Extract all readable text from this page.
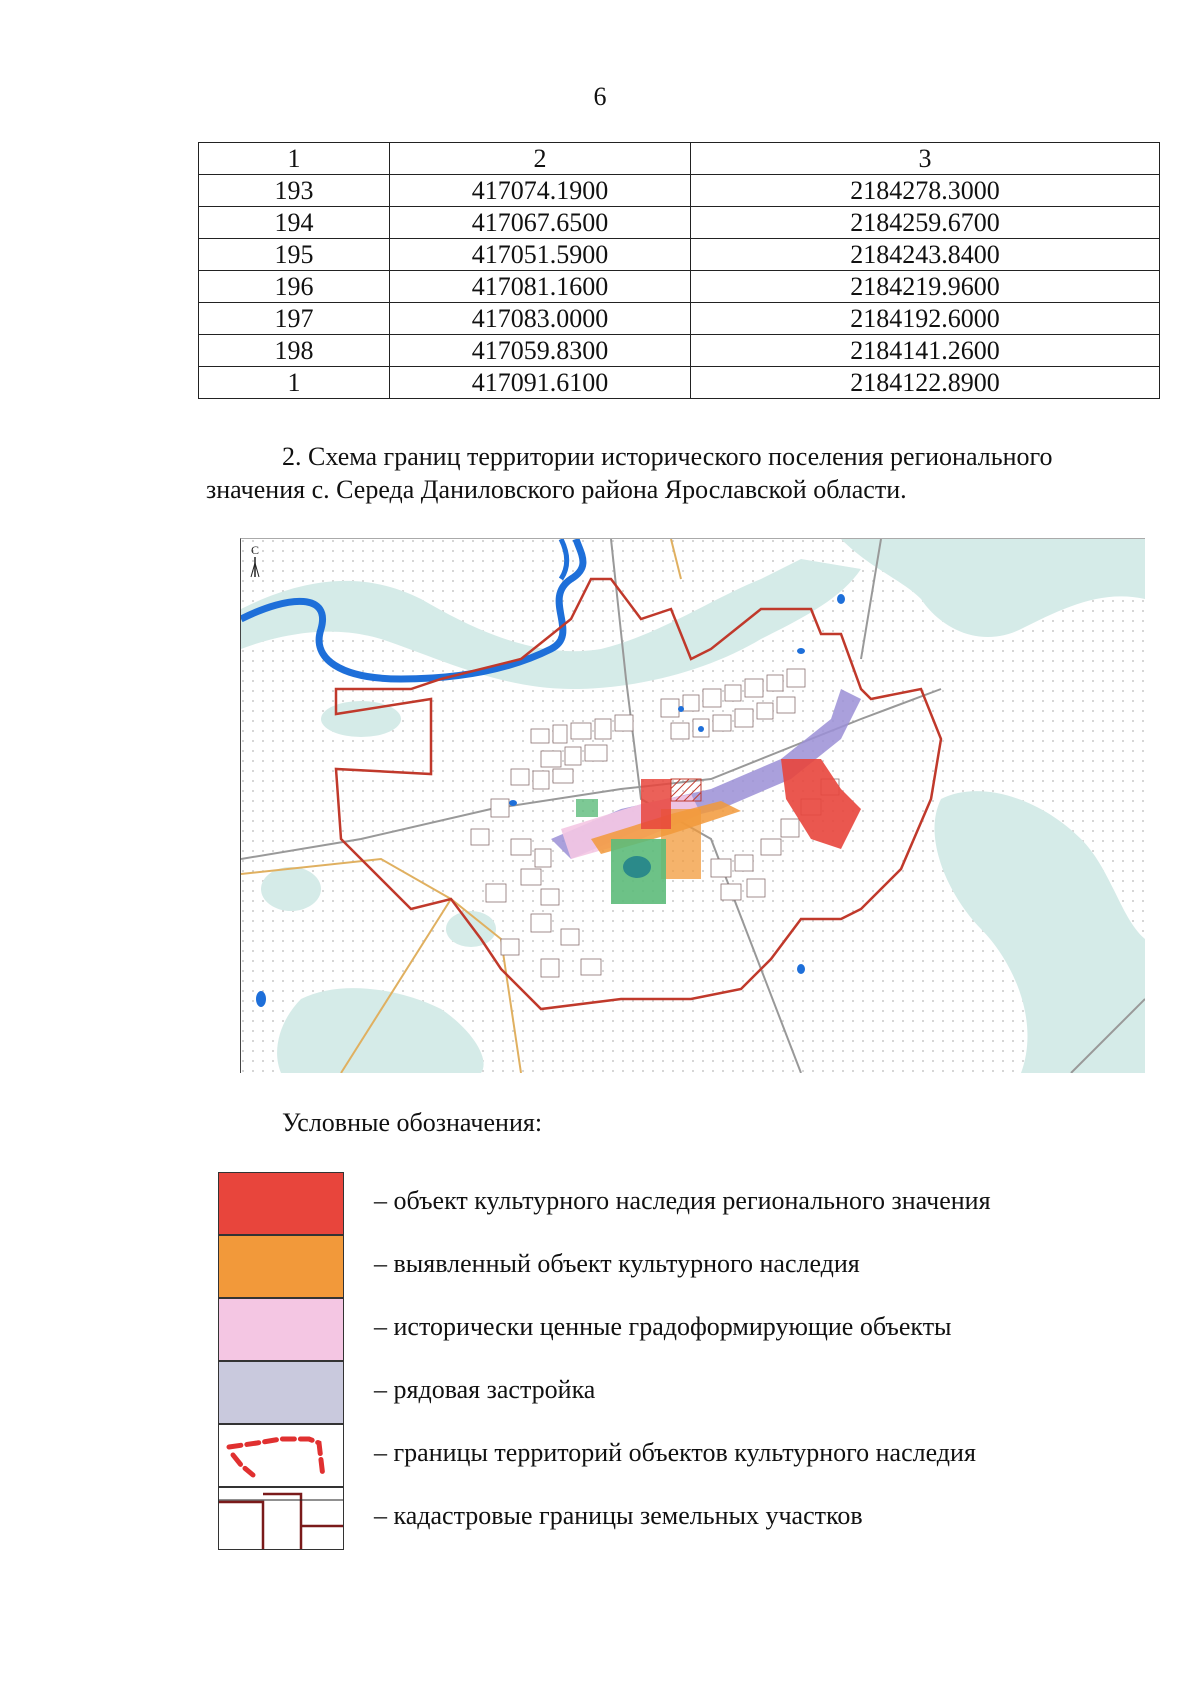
6
1	2	3
193	417074.1900	2184278.3000
194	417067.6500	2184259.6700
195	417051.5900	2184243.8400
196	417081.1600	2184219.9600
197	417083.0000	2184192.6000
198	417059.8300	2184141.2600
1	417091.6100	2184122.8900
2. Схема границ территории исторического поселения регионального
значения с. Середа Даниловского района Ярославской области.
С
Условные обозначения:
– объект культурного наследия регионального значения
– выявленный объект культурного наследия
– исторически ценные градоформирующие объекты
– рядовая застройка
– границы территорий объектов культурного наследия
– кадастровые границы земельных участков
